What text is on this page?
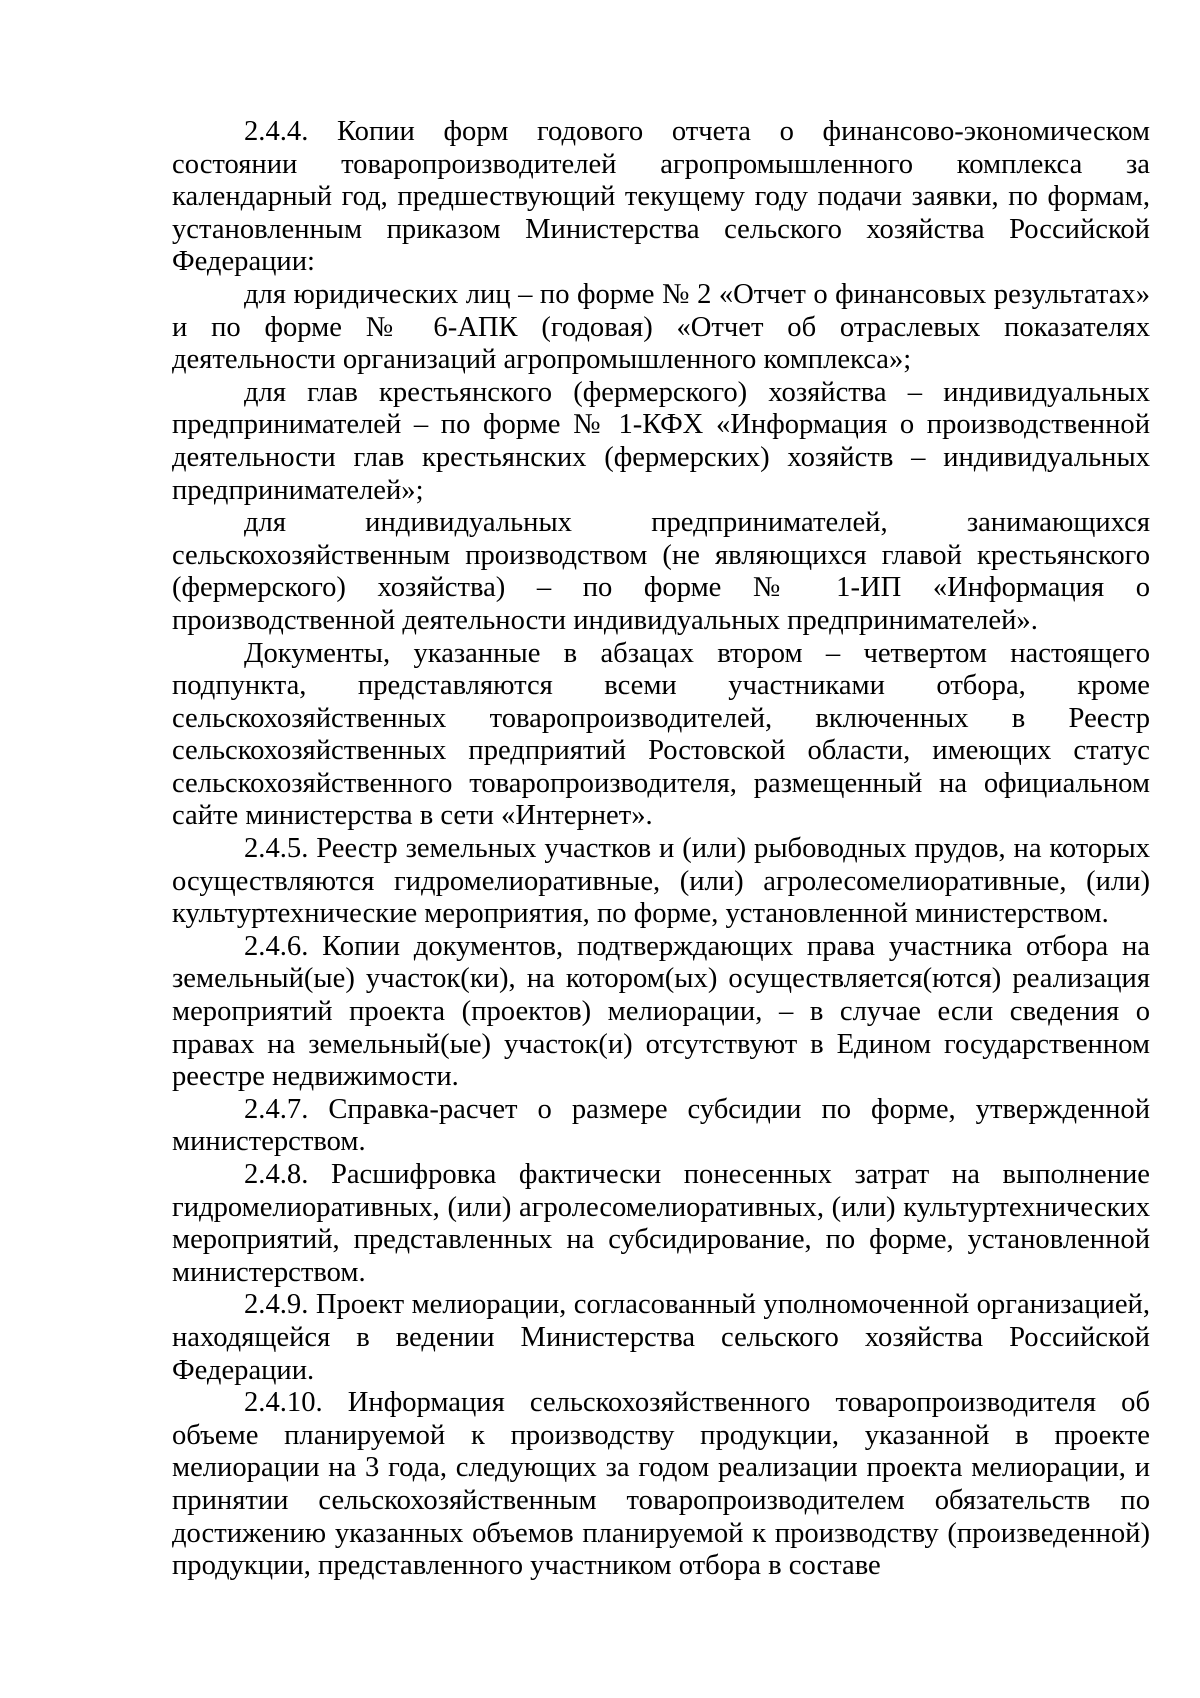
2.4.4. Копии форм годового отчета о финансово-экономическом состоянии товаропроизводителей агропромышленного комплекса за календарный год, предшествующий текущему году подачи заявки, по формам, установленным приказом Министерства сельского хозяйства Российской Федерации:

для юридических лиц – по форме № 2 «Отчет о финансовых результатах» и по форме № 6-АПК (годовая) «Отчет об отраслевых показателях деятельности организаций агропромышленного комплекса»;

для глав крестьянского (фермерского) хозяйства – индивидуальных предпринимателей – по форме № 1-КФХ «Информация о производственной деятельности глав крестьянских (фермерских) хозяйств – индивидуальных предпринимателей»;

для индивидуальных предпринимателей, занимающихся сельскохозяйственным производством (не являющихся главой крестьянского (фермерского) хозяйства) – по форме № 1-ИП «Информация о производственной деятельности индивидуальных предпринимателей».

Документы, указанные в абзацах втором – четвертом настоящего подпункта, представляются всеми участниками отбора, кроме сельскохозяйственных товаропроизводителей, включенных в Реестр сельскохозяйственных предприятий Ростовской области, имеющих статус сельскохозяйственного товаропроизводителя, размещенный на официальном сайте министерства в сети «Интернет».

2.4.5. Реестр земельных участков и (или) рыбоводных прудов, на которых осуществляются гидромелиоративные, (или) агролесомелиоративные, (или) культуртехнические мероприятия, по форме, установленной министерством.

2.4.6. Копии документов, подтверждающих права участника отбора на земельный(ые) участок(ки), на котором(ых) осуществляется(ются) реализация мероприятий проекта (проектов) мелиорации, – в случае если сведения о правах на земельный(ые) участок(и) отсутствуют в Едином государственном реестре недвижимости.

2.4.7. Справка-расчет о размере субсидии по форме, утвержденной министерством.

2.4.8. Расшифровка фактически понесенных затрат на выполнение гидромелиоративных, (или) агролесомелиоративных, (или) культуртехнических мероприятий, представленных на субсидирование, по форме, установленной министерством.

2.4.9. Проект мелиорации, согласованный уполномоченной организацией, находящейся в ведении Министерства сельского хозяйства Российской Федерации.

2.4.10. Информация сельскохозяйственного товаропроизводителя об объеме планируемой к производству продукции, указанной в проекте мелиорации на 3 года, следующих за годом реализации проекта мелиорации, и принятии сельскохозяйственным товаропроизводителем обязательств по достижению указанных объемов планируемой к производству (произведенной) продукции, представленного участником отбора в составе
